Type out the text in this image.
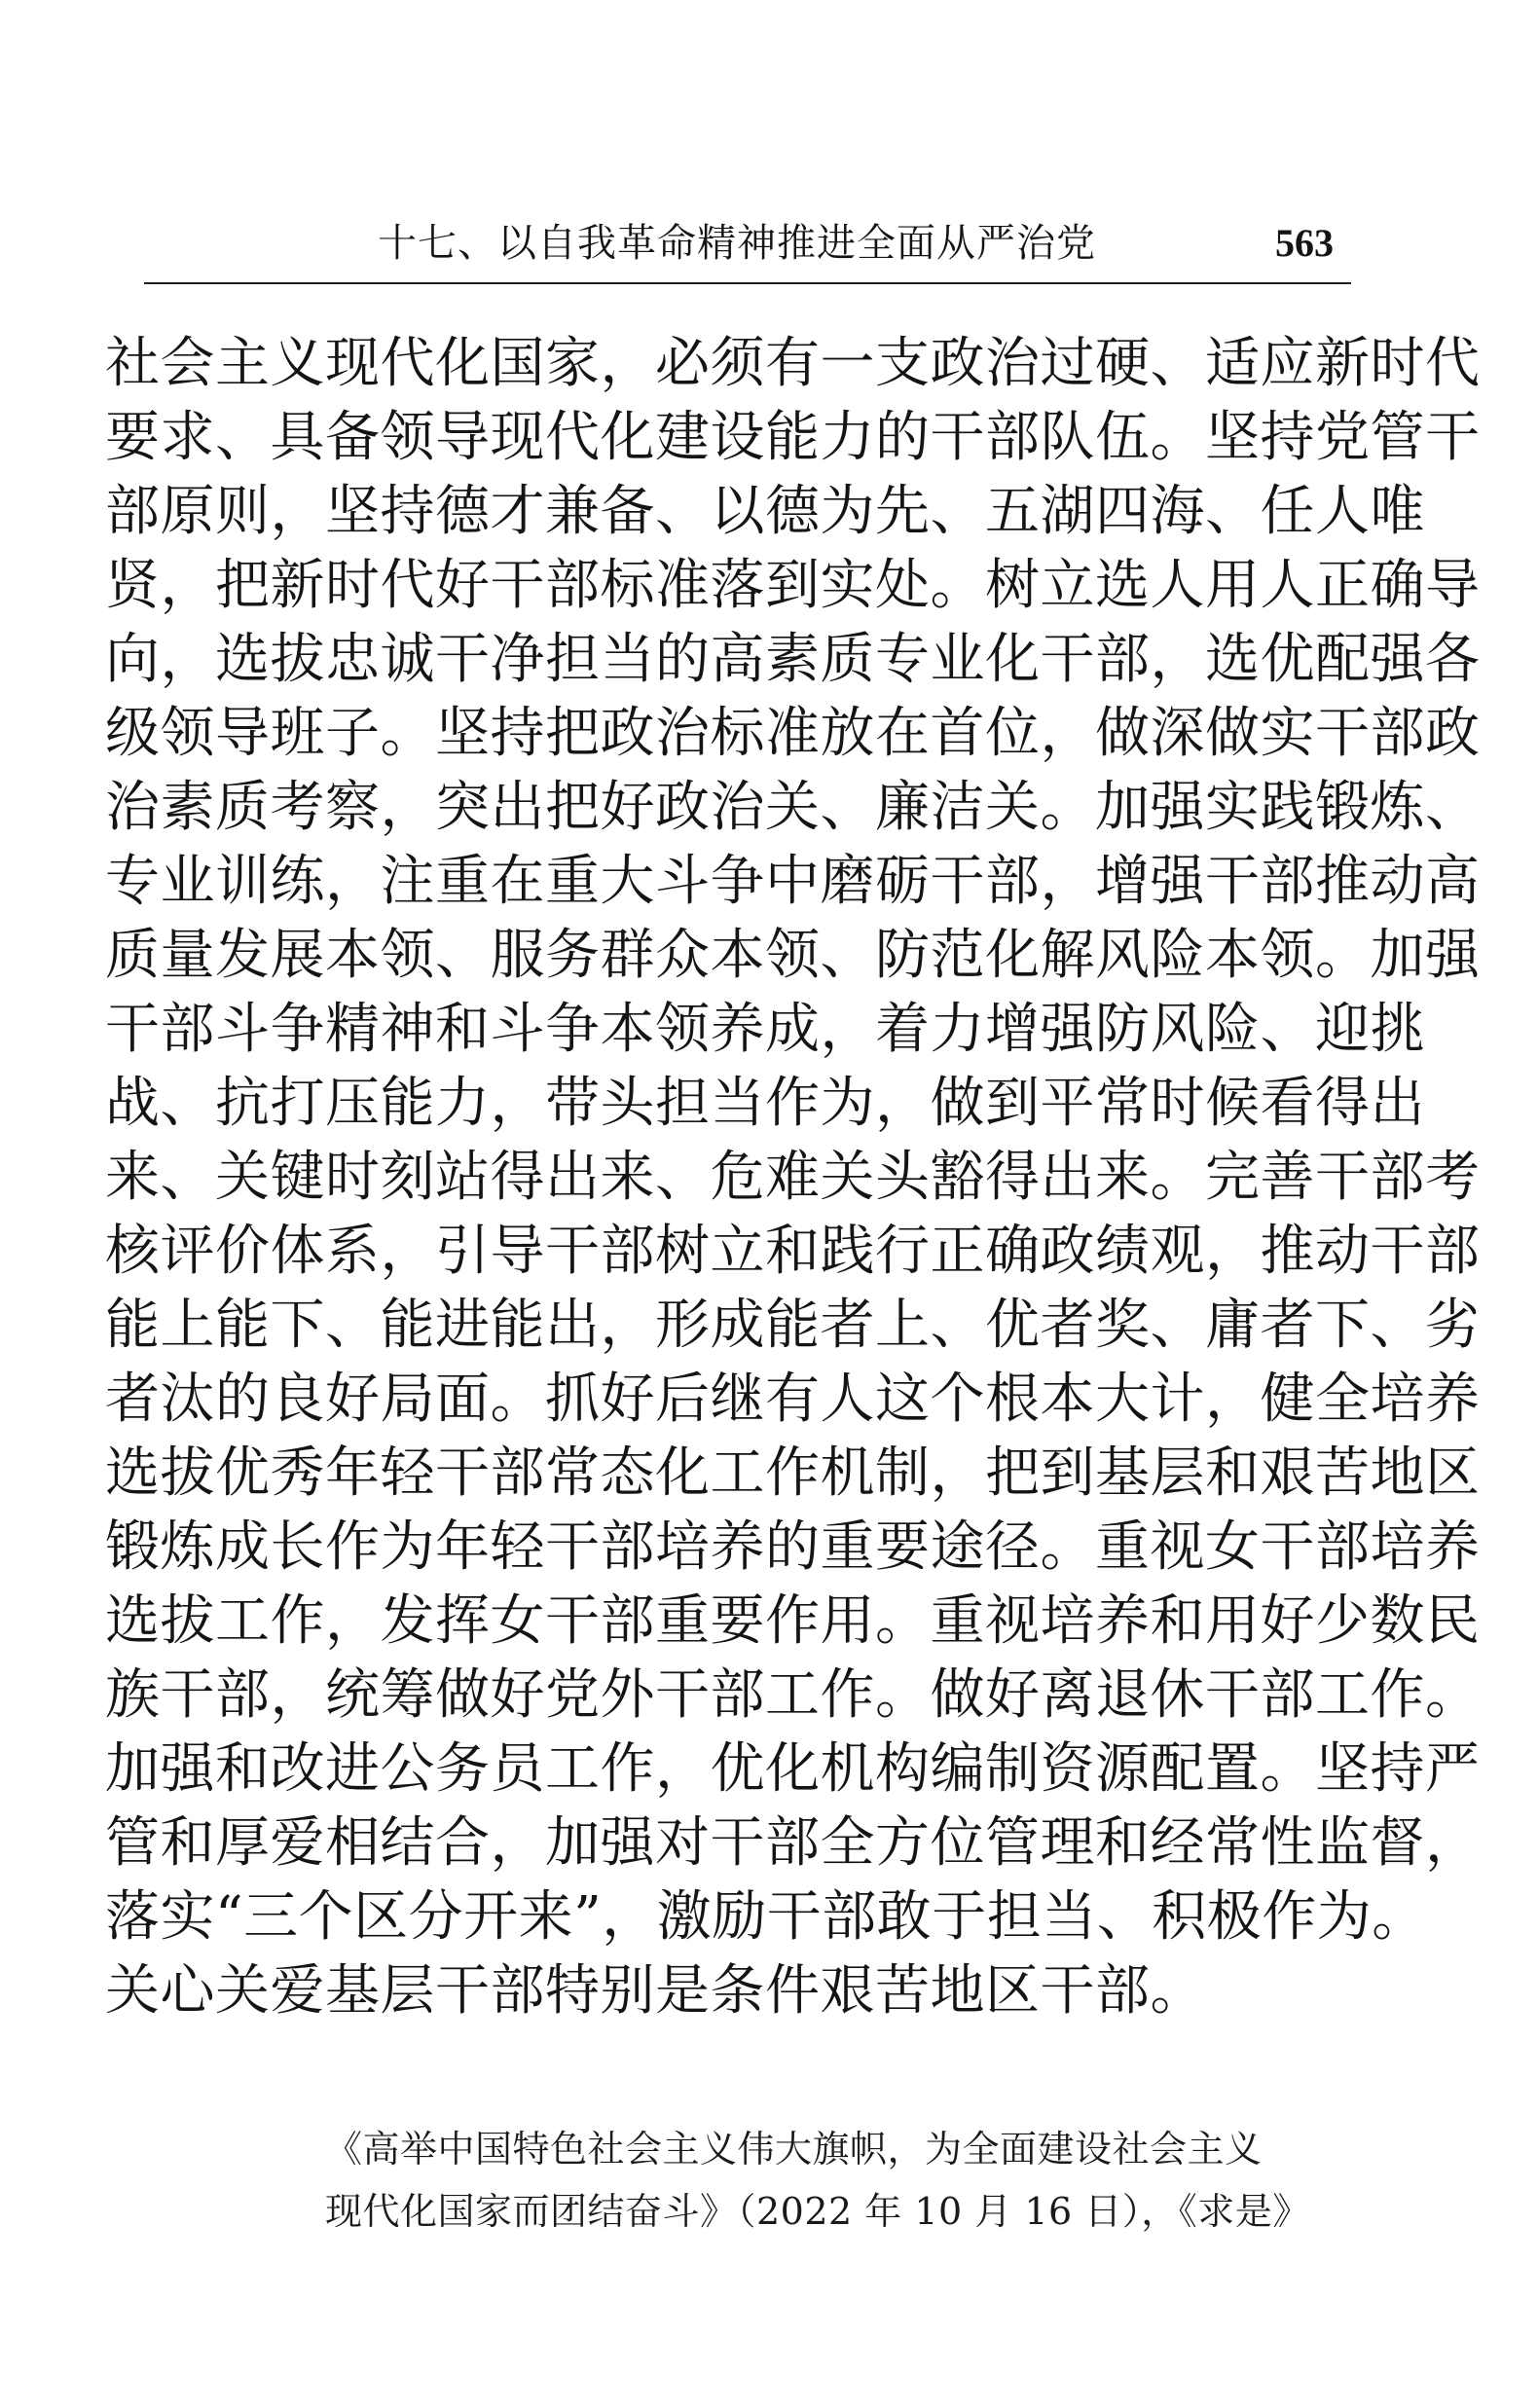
十七、以自我革命精神推进全面从严治党	563
社会主义现代化国家，必须有一支政治过硬、适应新时代
要求、具备领导现代化建设能力的干部队伍。坚持党管干
部原则，坚持德才兼备、以德为先、五湖四海、任人唯
贤，把新时代好干部标准落到实处。树立选人用人正确导
向，选拔忠诚干净担当的高素质专业化干部，选优配强各
级领导班子。坚持把政治标准放在首位，做深做实干部政
治素质考察，突出把好政治关、廉洁关。加强实践锻炼、
专业训练，注重在重大斗争中磨砺干部，增强干部推动高
质量发展本领、服务群众本领、防范化解风险本领。加强
干部斗争精神和斗争本领养成，着力增强防风险、迎挑
战、抗打压能力，带头担当作为，做到平常时候看得出
来、关键时刻站得出来、危难关头豁得出来。完善干部考
核评价体系，引导干部树立和践行正确政绩观，推动干部
能上能下、能进能出，形成能者上、优者奖、庸者下、劣
者汰的良好局面。抓好后继有人这个根本大计，健全培养
选拔优秀年轻干部常态化工作机制，把到基层和艰苦地区
锻炼成长作为年轻干部培养的重要途径。重视女干部培养
选拔工作，发挥女干部重要作用。重视培养和用好少数民
族干部，统筹做好党外干部工作。做好离退休干部工作。
加强和改进公务员工作，优化机构编制资源配置。坚持严
管和厚爱相结合，加强对干部全方位管理和经常性监督，
落实“三个区分开来”，激励干部敢于担当、积极作为。
关心关爱基层干部特别是条件艰苦地区干部。
《高举中国特色社会主义伟大旗帜，为全面建设社会主义
现代化国家而团结奋斗》（2022 年 10 月 16 日），《求是》
